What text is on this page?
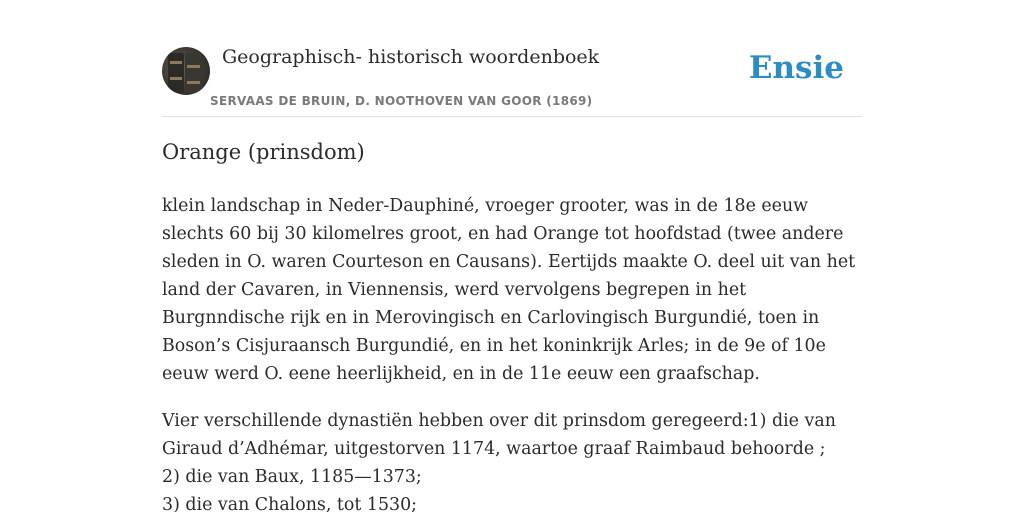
Geographisch- historisch woordenboek
SERVAAS DE BRUIN, D. NOOTHOVEN VAN GOOR (1869)
Ensie
Orange (prinsdom)

klein landschap in Neder-Dauphiné, vroeger grooter, was in de 18e eeuw slechts 60 bij 30 kilomelres groot, en had Orange tot hoofdstad (twee andere sleden in O. waren Courteson en Causans). Eertijds maakte O. deel uit van het land der Cavaren, in Viennensis, werd vervolgens begrepen in het Burgnndische rijk en in Merovingisch en Carlovingisch Burgundié, toen in Boson’s Cisjuraansch Burgundié, en in het koninkrijk Arles; in de 9e of 10e eeuw werd O. eene heerlijkheid, en in de 11e eeuw een graafschap.

Vier verschillende dynastiën hebben over dit prinsdom geregeerd:1) die van Giraud d’Adhémar, uitgestorven 1174, waartoe graaf Raimbaud behoorde ;
2) die van Baux, 1185—1373;
3) die van Chalons, tot 1530;
